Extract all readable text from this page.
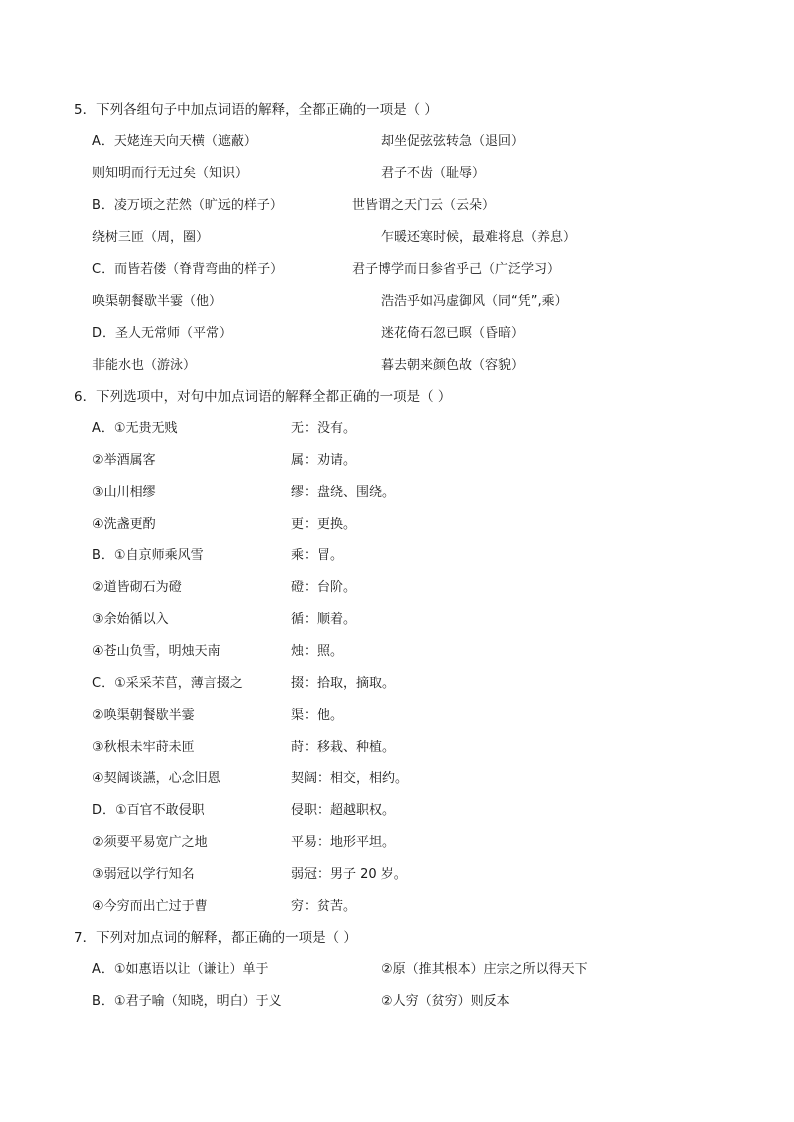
5．下列各组句子中加点词语的解释，全都正确的一项是（ ）
A．天姥连天向天横（遮蔽）	却坐促弦弦转急（退回）
则知明而行无过矣（知识）	君子不齿（耻辱）
B．凌万顷之茫然（旷远的样子）	世皆谓之天门云（云朵）
绕树三匝（周，圈）	乍暖还寒时候，最难将息（养息）
C．而皆若偻（脊背弯曲的样子）	君子博学而日参省乎己（广泛学习）
唤渠朝餐歇半霎（他）	浩浩乎如冯虚御风（同“凭”,乘）
D．圣人无常师（平常）	迷花倚石忽已暝（昏暗）
非能水也（游泳）	暮去朝来颜色故（容貌）
6．下列选项中，对句中加点词语的解释全都正确的一项是（ ）
A．①无贵无贱	无：没有。
②举酒属客	属：劝请。
③山川相缪	缪：盘绕、围绕。
④洗盏更酌	更：更换。
B．①自京师乘风雪	乘：冒。
②道皆砌石为磴	磴：台阶。
③余始循以入	循：顺着。
④苍山负雪，明烛天南	烛：照。
C．①采采芣苢，薄言掇之	掇：拾取，摘取。
②唤渠朝餐歇半霎	渠：他。
③秋根未牢莳未匝	莳：移栽、种植。
④契阔谈讌，心念旧恩	契阔：相交，相约。
D．①百官不敢侵职	侵职：超越职权。
②须要平易宽广之地	平易：地形平坦。
③弱冠以学行知名	弱冠：男子 20 岁。
④今穷而出亡过于曹	穷：贫苦。
7．下列对加点词的解释，都正确的一项是（ ）
A．①如惠语以让（谦让）单于	②原（推其根本）庄宗之所以得天下
B．①君子喻（知晓，明白）于义	②人穷（贫穷）则反本
